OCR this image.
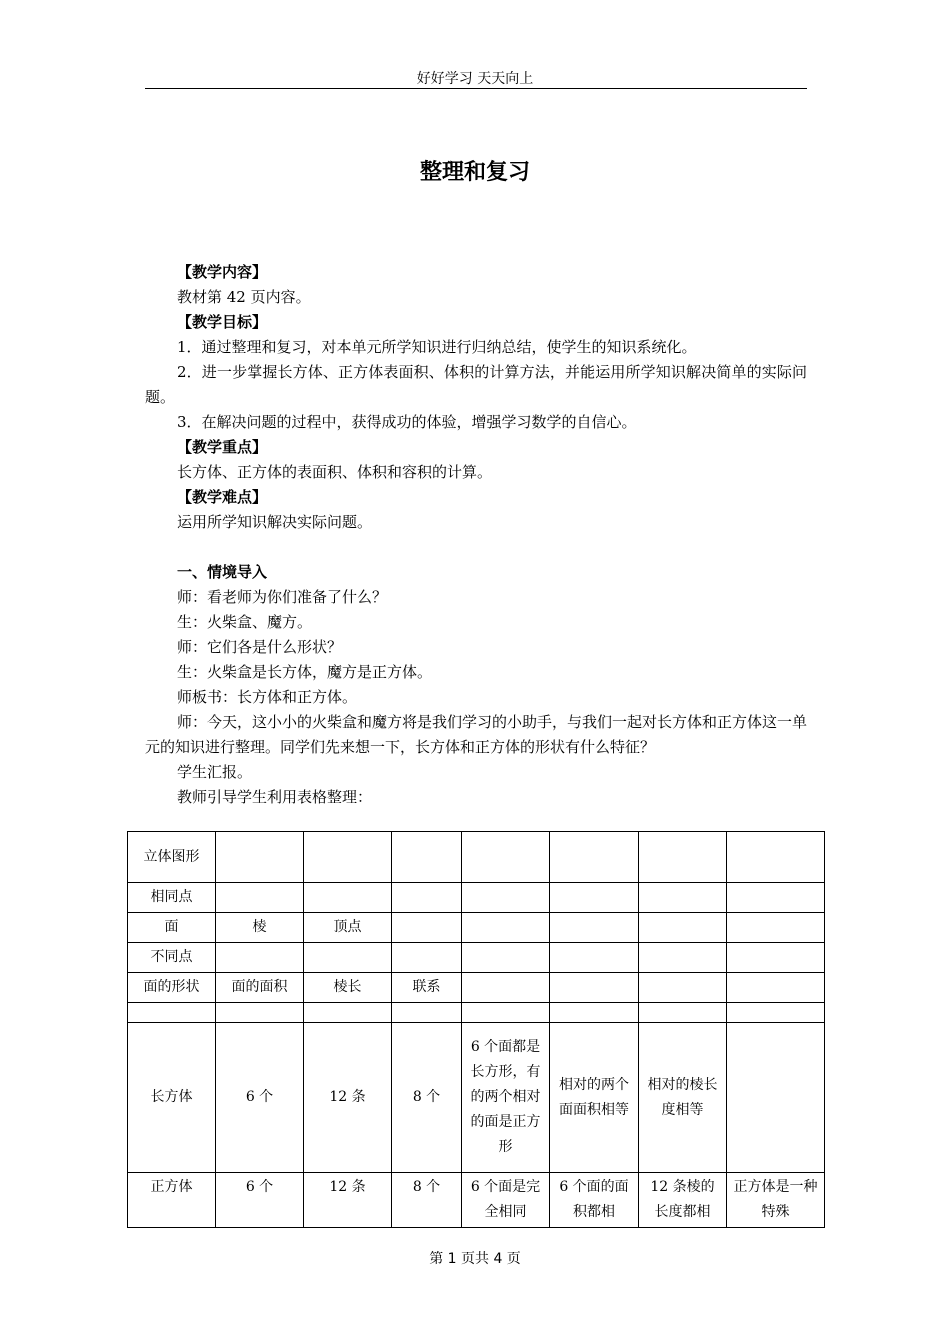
好好学习 天天向上
整理和复习

【教学内容】

教材第 42 页内容。

【教学目标】

1．通过整理和复习，对本单元所学知识进行归纳总结，使学生的知识系统化。

2．进一步掌握长方体、正方体表面积、体积的计算方法，并能运用所学知识解决简单的实际问题。

3．在解决问题的过程中，获得成功的体验，增强学习数学的自信心。

【教学重点】

长方体、正方体的表面积、体积和容积的计算。

【教学难点】

运用所学知识解决实际问题。

一、情境导入

师：看老师为你们准备了什么？

生：火柴盒、魔方。

师：它们各是什么形状？

生：火柴盒是长方体，魔方是正方体。

师板书：长方体和正方体。

师：今天，这小小的火柴盒和魔方将是我们学习的小助手，与我们一起对长方体和正方体这一单元的知识进行整理。同学们先来想一下，长方体和正方体的形状有什么特征？

学生汇报。

教师引导学生利用表格整理：

立体图形							
相同点							
面	棱	顶点					
不同点							
面的形状	面的面积	棱长	联系				

长方体	6 个	12 条	8 个	6 个面都是长方形，有的两个相对的面是正方形	相对的两个面面积相等	相对的棱长度相等	
正方体	6 个	12 条	8 个	6 个面是完全相同	6 个面的面积都相	12 条棱的长度都相	正方体是一种特殊
第 1 页共 4 页
